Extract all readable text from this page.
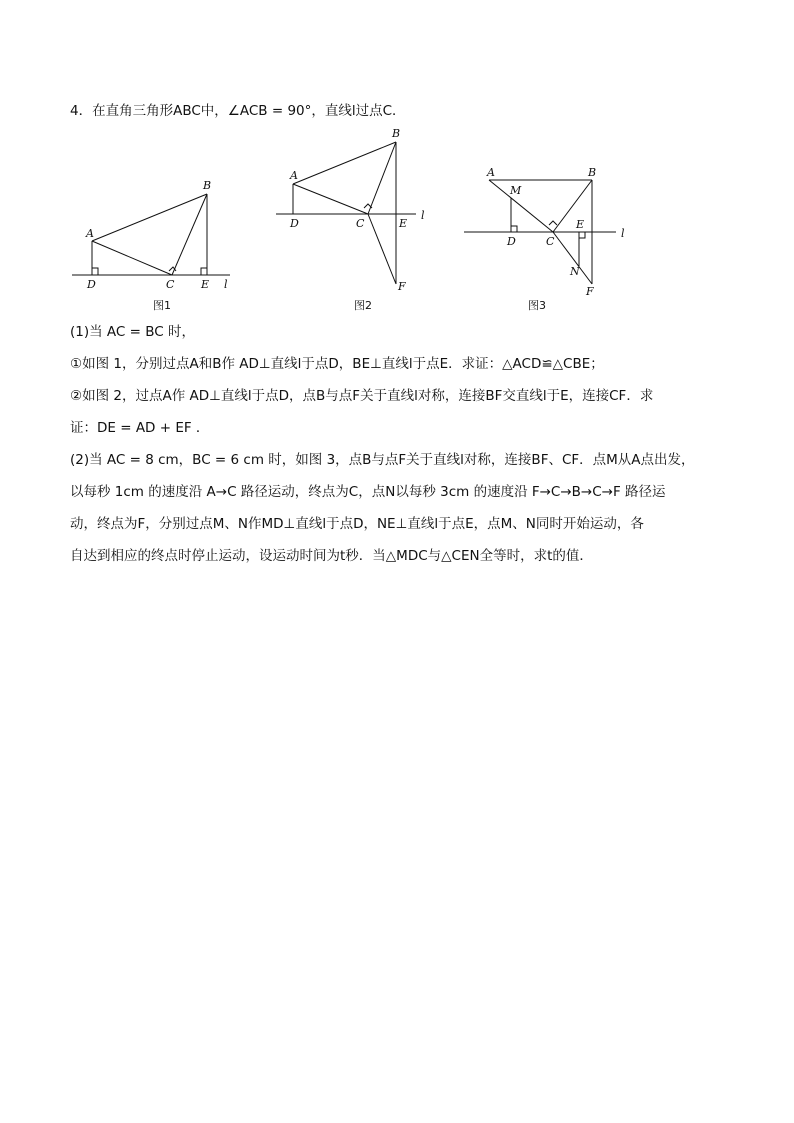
4．在直角三角形ABC中，∠ACB = 90°，直线l过点C．
A
B
C
D	E l
图1
A
B
C
D	E
F
l
图2
A	B
C
D
E
F
M
N
l
图3
(1)当 AC = BC 时，
①如图 1，分别过点A和B作 AD⊥直线l于点D，BE⊥直线l于点E．求证：△ACD≌△CBE；
②如图 2，过点A作 AD⊥直线l于点D，点B与点F关于直线l对称，连接BF交直线l于E，连接CF．求
证：DE = AD + EF ．
(2)当 AC = 8 cm，BC = 6 cm 时，如图 3，点B与点F关于直线l对称，连接BF、CF．点M从A点出发，
以每秒 1cm 的速度沿 A→C 路径运动，终点为C，点N以每秒 3cm 的速度沿 F→C→B→C→F 路径运
动，终点为F，分别过点M、N作MD⊥直线l于点D，NE⊥直线l于点E，点M、N同时开始运动，各
自达到相应的终点时停止运动，设运动时间为t秒．当△MDC与△CEN全等时，求t的值．
